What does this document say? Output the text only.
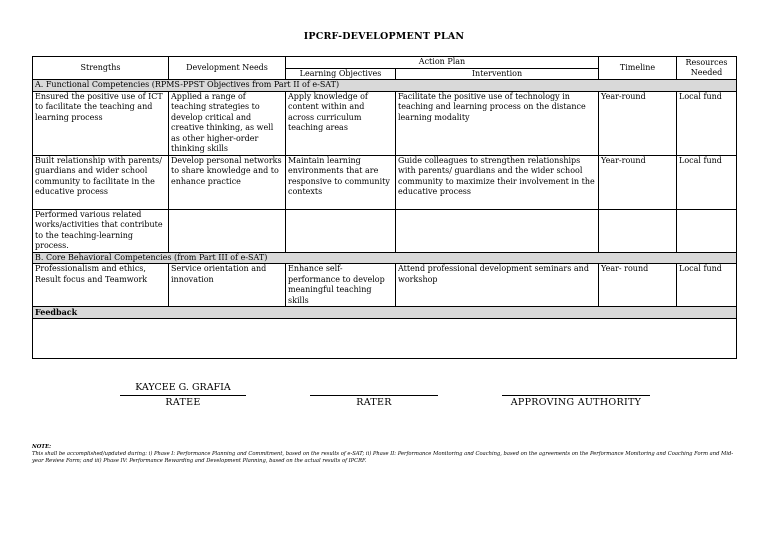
IPCRF-DEVELOPMENT PLAN
Strengths	Development Needs	Action Plan		Timeline	Resources Needed
		Learning Objectives	Intervention		
A. Functional Competencies (RPMS-PPST Objectives from Part II of e-SAT)					
Ensured the positive use of ICT to facilitate the teaching and learning process	Applied a range of teaching strategies to develop critical and creative thinking, as well as other higher-order thinking skills	Apply knowledge of content within and across curriculum teaching areas	Facilitate the positive use of technology in teaching and learning process on the distance learning modality	Year-round	Local fund
Built relationship with parents/ guardians and wider school community to facilitate in the educative process	Develop personal networks to share knowledge and to enhance practice	Maintain learning environments that are responsive to community contexts	Guide colleagues to strengthen relationships with parents/ guardians and the wider school community to maximize their involvement in the educative process	Year-round	Local fund
Performed various related works/activities that contribute to the teaching-learning process.					
B. Core Behavioral Competencies (from Part III of e-SAT)					
Professionalism and ethics, Result focus and Teamwork	Service orientation and innovation	Enhance self-performance to develop meaningful teaching skills	Attend professional development seminars and workshop	Year- round	Local fund
Feedback					

KAYCEE G. GRAFIA
RATEE	RATER	APPROVING AUTHORITY
NOTE:
This shall be accomplished/updated during: i) Phase I: Performance Planning and Commitment, based on the results of e-SAT; ii) Phase II: Performance Monitoring and Coaching, based on the agreements on the Performance Monitoring and Coaching Form and Mid-year Review Form; and iii) Phase IV: Performance Rewarding and Development Planning, based on the actual results of IPCRF.
